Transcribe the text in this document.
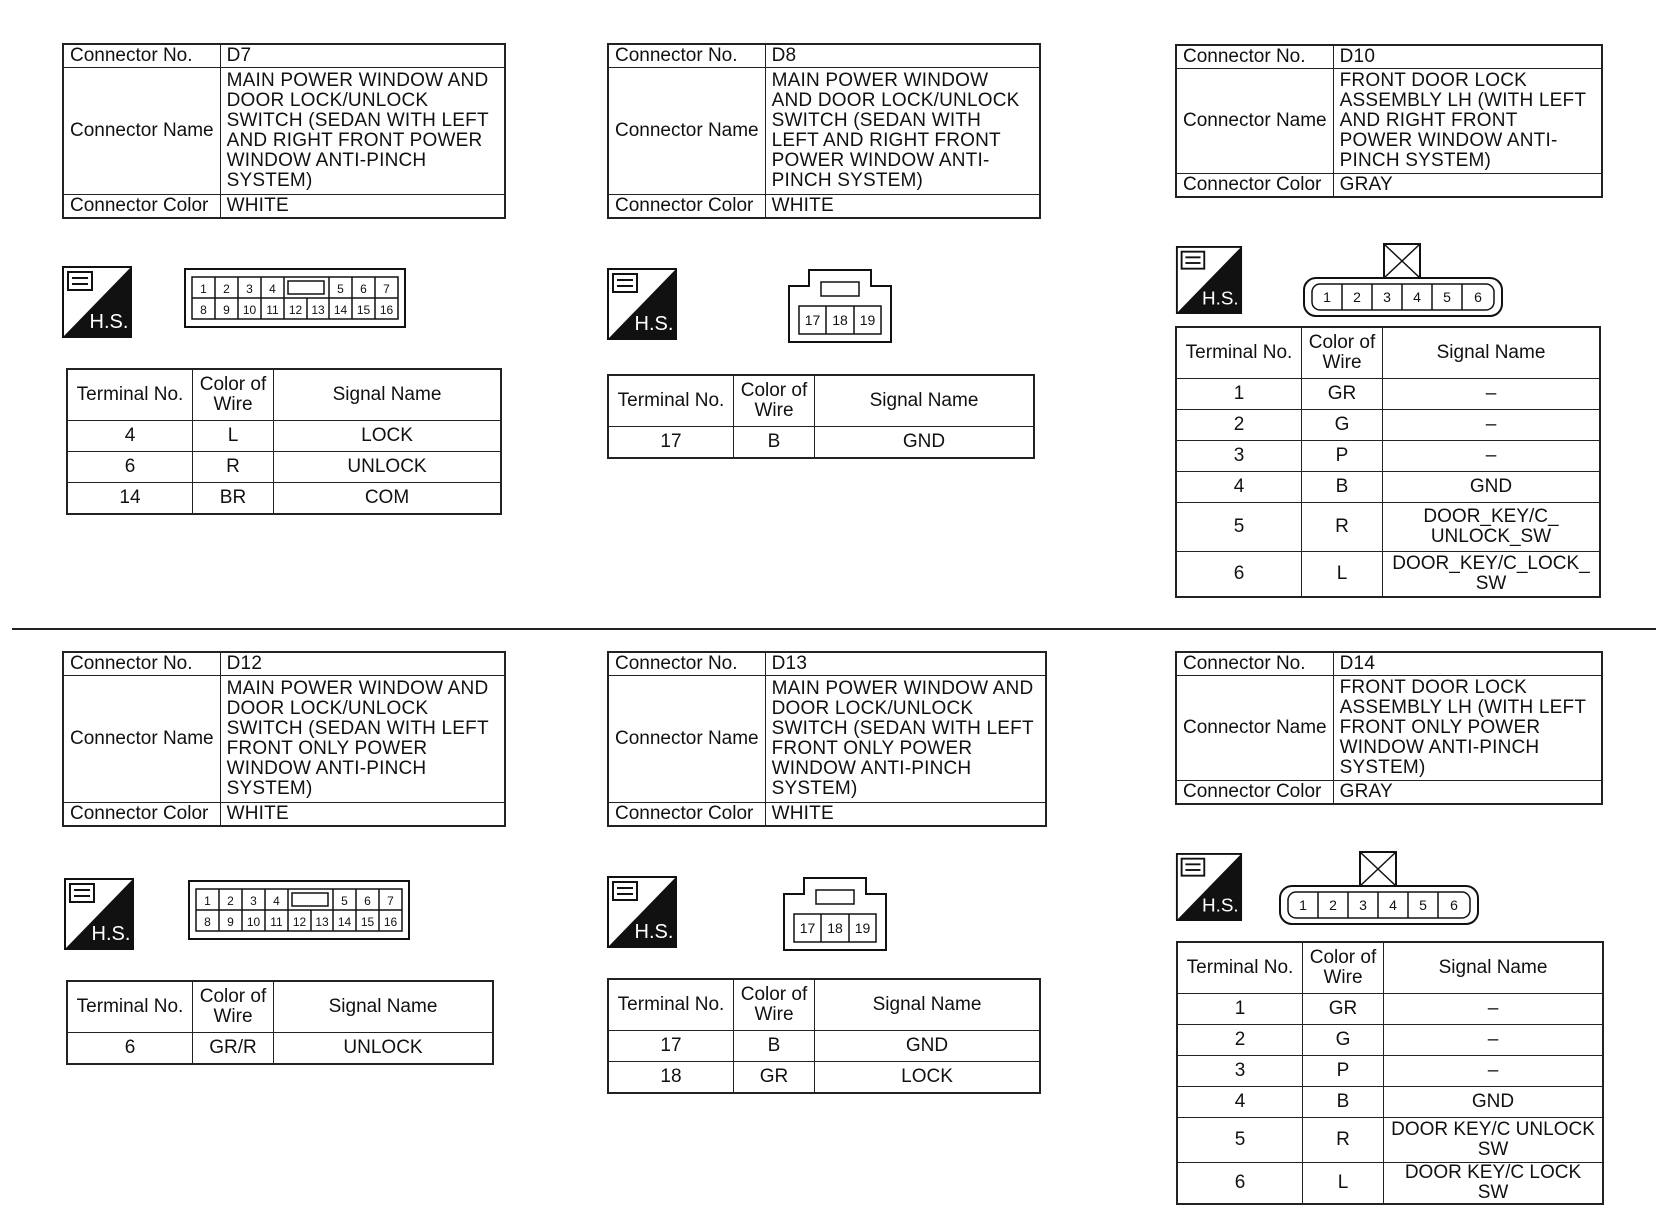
Connector No.	D7
Connector Name	MAIN POWER WINDOW AND DOOR LOCK/UNLOCK SWITCH (SEDAN WITH LEFT AND RIGHT FRONT POWER WINDOW ANTI-PINCH SYSTEM)
Connector Color	WHITE
H.S.
1 2 3 4	5 6 7
8 9 10 11 12 13 14 15 16
Terminal No.	Color of Wire	Signal Name
4	L	LOCK
6	R	UNLOCK
14	BR	COM
Connector No.	D8
Connector Name	MAIN POWER WINDOW AND DOOR LOCK/UNLOCK SWITCH (SEDAN WITH LEFT AND RIGHT FRONT POWER WINDOW ANTI-PINCH SYSTEM)
Connector Color	WHITE
H.S.	17 18 19
Terminal No.	Color of Wire	Signal Name
17	B	GND
Connector No.	D10
Connector Name	FRONT DOOR LOCK ASSEMBLY LH (WITH LEFT AND RIGHT FRONT POWER WINDOW ANTI-PINCH SYSTEM)
Connector Color	GRAY
H.S.	1 2 3 4 5 6
Terminal No.	Color of Wire	Signal Name
1	GR	–
2	G	–
3	P	–
4	B	GND
5	R	DOOR_KEY/C_ UNLOCK_SW
6	L	DOOR_KEY/C_LOCK_ SW
Connector No.	D12
Connector Name	MAIN POWER WINDOW AND DOOR LOCK/UNLOCK SWITCH (SEDAN WITH LEFT FRONT ONLY POWER WINDOW ANTI-PINCH SYSTEM)
Connector Color	WHITE
H.S.
1 2 3 4	5 6 7
8 9 10 11 12 13 14 15 16
Terminal No.	Color of Wire	Signal Name
6	GR/R	UNLOCK
Connector No.	D13
Connector Name	MAIN POWER WINDOW AND DOOR LOCK/UNLOCK SWITCH (SEDAN WITH LEFT FRONT ONLY POWER WINDOW ANTI-PINCH SYSTEM)
Connector Color	WHITE
H.S.	17 18 19
Terminal No.	Color of Wire	Signal Name
17	B	GND
18	GR	LOCK
Connector No.	D14
Connector Name	FRONT DOOR LOCK ASSEMBLY LH (WITH LEFT FRONT ONLY POWER WINDOW ANTI-PINCH SYSTEM)
Connector Color	GRAY
H.S.	1 2 3 4 5 6
Terminal No.	Color of Wire	Signal Name
1	GR	–
2	G	–
3	P	–
4	B	GND
5	R	DOOR KEY/C UNLOCK SW
6	L	DOOR KEY/C LOCK SW
